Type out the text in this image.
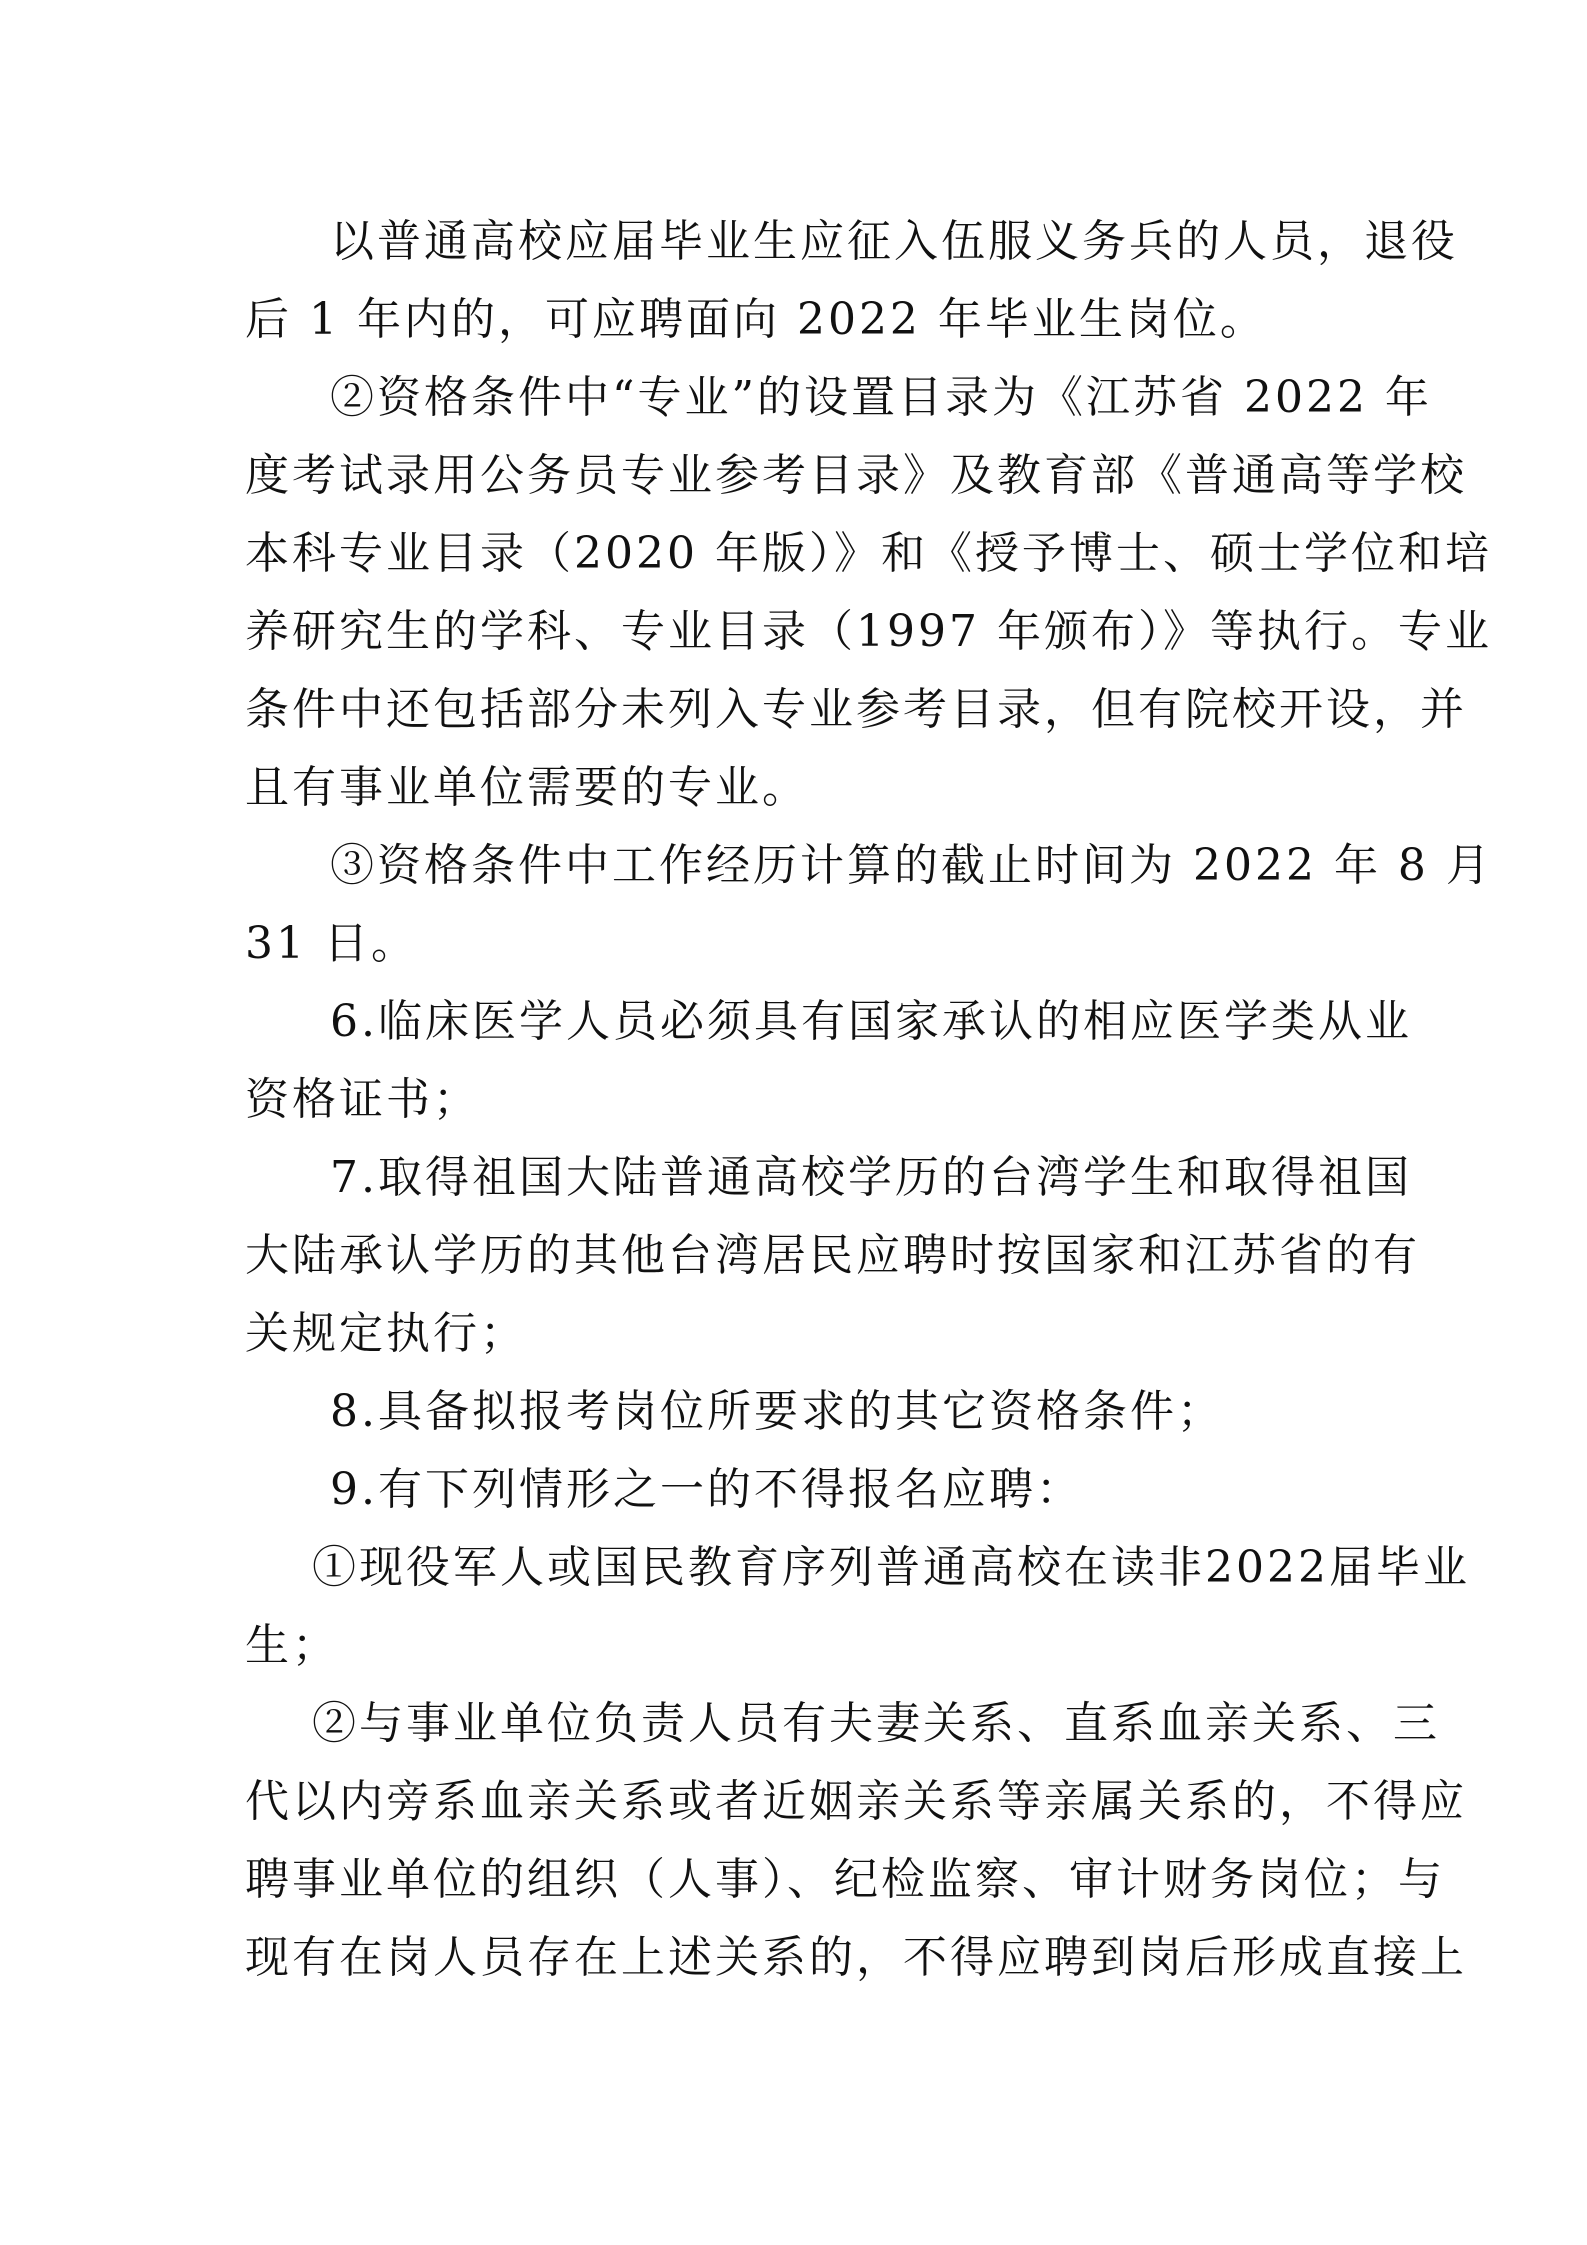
以普通高校应届毕业生应征入伍服义务兵的人员，退役
后 1 年内的，可应聘面向 2022 年毕业生岗位。
②资格条件中“专业”的设置目录为《江苏省 2022 年
度考试录用公务员专业参考目录》及教育部《普通高等学校
本科专业目录（2020 年版）》和《授予博士、硕士学位和培
养研究生的学科、专业目录（1997 年颁布）》等执行。专业
条件中还包括部分未列入专业参考目录，但有院校开设，并
且有事业单位需要的专业。
③资格条件中工作经历计算的截止时间为 2022 年 8 月
31 日。
6.临床医学人员必须具有国家承认的相应医学类从业
资格证书；
7.取得祖国大陆普通高校学历的台湾学生和取得祖国
大陆承认学历的其他台湾居民应聘时按国家和江苏省的有
关规定执行；
8.具备拟报考岗位所要求的其它资格条件；
9.有下列情形之一的不得报名应聘：
①现役军人或国民教育序列普通高校在读非2022届毕业
生；
②与事业单位负责人员有夫妻关系、直系血亲关系、三
代以内旁系血亲关系或者近姻亲关系等亲属关系的，不得应
聘事业单位的组织（人事）、纪检监察、审计财务岗位；与
现有在岗人员存在上述关系的，不得应聘到岗后形成直接上
